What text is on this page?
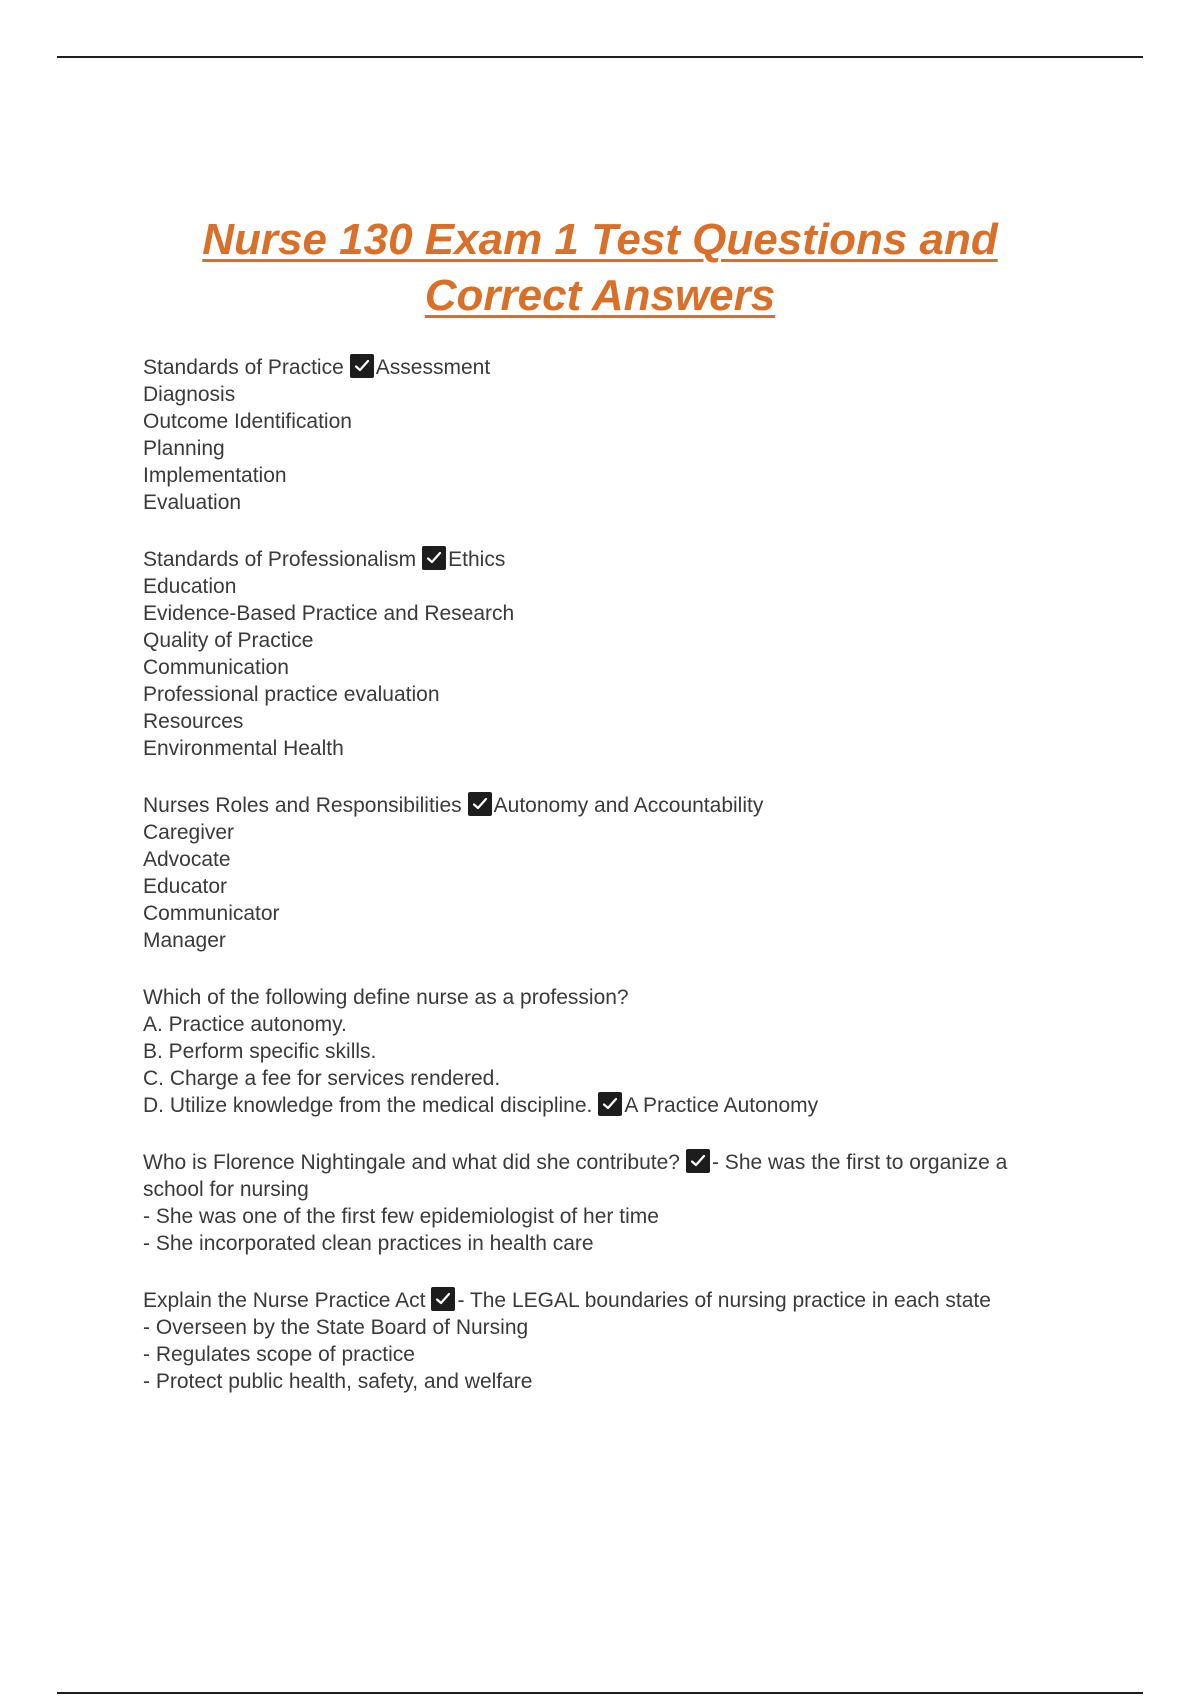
Nurse 130 Exam 1 Test Questions and
Correct Answers
Standards of Practice Assessment
Diagnosis
Outcome Identification
Planning
Implementation
Evaluation
Standards of Professionalism Ethics
Education
Evidence-Based Practice and Research
Quality of Practice
Communication
Professional practice evaluation
Resources
Environmental Health
Nurses Roles and Responsibilities Autonomy and Accountability
Caregiver
Advocate
Educator
Communicator
Manager
Which of the following define nurse as a profession?
A. Practice autonomy.
B. Perform specific skills.
C. Charge a fee for services rendered.
D. Utilize knowledge from the medical discipline. A Practice Autonomy
Who is Florence Nightingale and what did she contribute? - She was the first to organize a school for nursing
- She was one of the first few epidemiologist of her time
- She incorporated clean practices in health care
Explain the Nurse Practice Act - The LEGAL boundaries of nursing practice in each state
- Overseen by the State Board of Nursing
- Regulates scope of practice
- Protect public health, safety, and welfare
